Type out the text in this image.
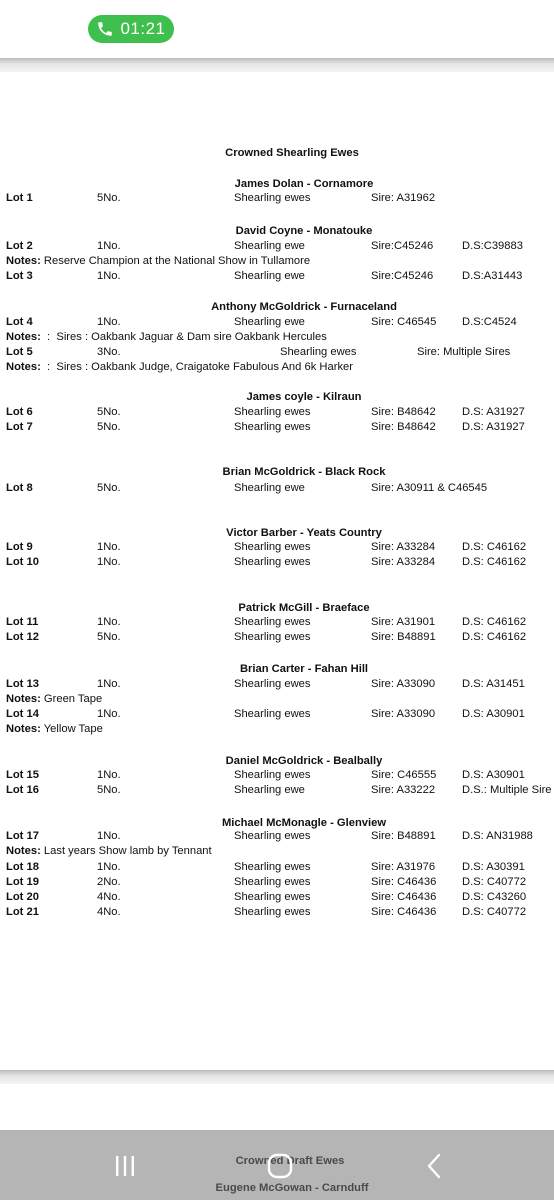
01:21
Crowned Shearling Ewes
James Dolan - Cornamore
David Coyne - Monatouke
Anthony McGoldrick - Furnaceland
James coyle - Kilraun
Brian McGoldrick - Black Rock
Victor Barber - Yeats Country
Patrick McGill - Braeface
Brian Carter - Fahan Hill
Daniel McGoldrick - Bealbally
Michael McMonagle - Glenview
Lot 1	5No.	Shearling ewes	Sire: A31962
Lot 2	1No.	Shearling ewe	Sire:C45246	D.S:C39883
Lot 3	1No.	Shearling ewe	Sire:C45246	D.S:A31443
Lot 4	1No.	Shearling ewe	Sire: C46545 D.S:C4524
Lot 5	3No.	Shearling ewes	Sire: Multiple Sires
Lot 6	5No.	Shearling ewes	Sire: B48642 D.S: A31927
Lot 7	5No.	Shearling ewes	Sire: B48642 D.S: A31927
Lot 8	5No.	Shearling ewe	Sire: A30911 & C46545
Lot 9	1No.	Shearling ewes	Sire: A33284 D.S: C46162
Lot 10	1No.	Shearling ewes	Sire: A33284 D.S: C46162
Lot 11	1No.	Shearling ewes	Sire: A31901 D.S: C46162
Lot 12	5No.	Shearling ewes	Sire: B48891 D.S: C46162
Lot 13	1No.	Shearling ewes	Sire: A33090 D.S: A31451
Lot 14	1No.	Shearling ewes	Sire: A33090 D.S: A30901
Lot 15	1No.	Shearling ewes	Sire: C46555 D.S: A30901
Lot 16	5No.	Shearling ewe	Sire: A33222 D.S.: Multiple Sire
Lot 17	1No.	Shearling ewes	Sire: B48891 D.S: AN31988
Lot 18	1No.	Shearling ewes	Sire: A31976 D.S: A30391
Lot 19	2No.	Shearling ewes	Sire: C46436 D.S: C40772
Lot 20	4No.	Shearling ewes	Sire: C46436 D.S: C43260
Lot 21	4No.	Shearling ewes	Sire: C46436 D.S: C40772
Notes: Reserve Champion at the National Show in Tullamore
Notes:  :  Sires : Oakbank Jaguar & Dam sire Oakbank Hercules
Notes:  :  Sires : Oakbank Judge, Craigatoke Fabulous And 6k Harker
Notes: Green Tape
Notes: Yellow Tape
Notes: Last years Show lamb by Tennant
